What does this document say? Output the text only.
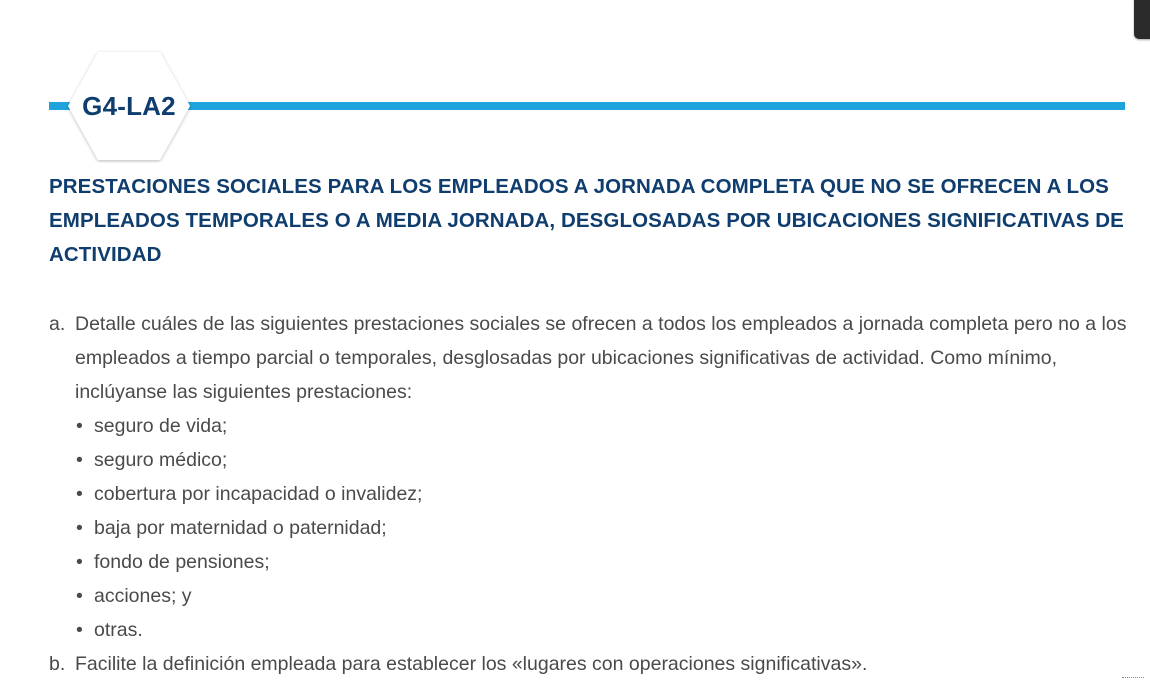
G4-LA2
PRESTACIONES SOCIALES PARA LOS EMPLEADOS A JORNADA COMPLETA QUE NO SE OFRECEN A LOS EMPLEADOS TEMPORALES O A MEDIA JORNADA, DESGLOSADAS POR UBICACIONES SIGNIFICATIVAS DE ACTIVIDAD
a. Detalle cuáles de las siguientes prestaciones sociales se ofrecen a todos los empleados a jornada completa pero no a los empleados a tiempo parcial o temporales, desglosadas por ubicaciones significativas de actividad. Como mínimo, inclúyanse las siguientes prestaciones:
• seguro de vida;
• seguro médico;
• cobertura por incapacidad o invalidez;
• baja por maternidad o paternidad;
• fondo de pensiones;
• acciones; y
• otras.
b. Facilite la definición empleada para establecer los «lugares con operaciones significativas».
